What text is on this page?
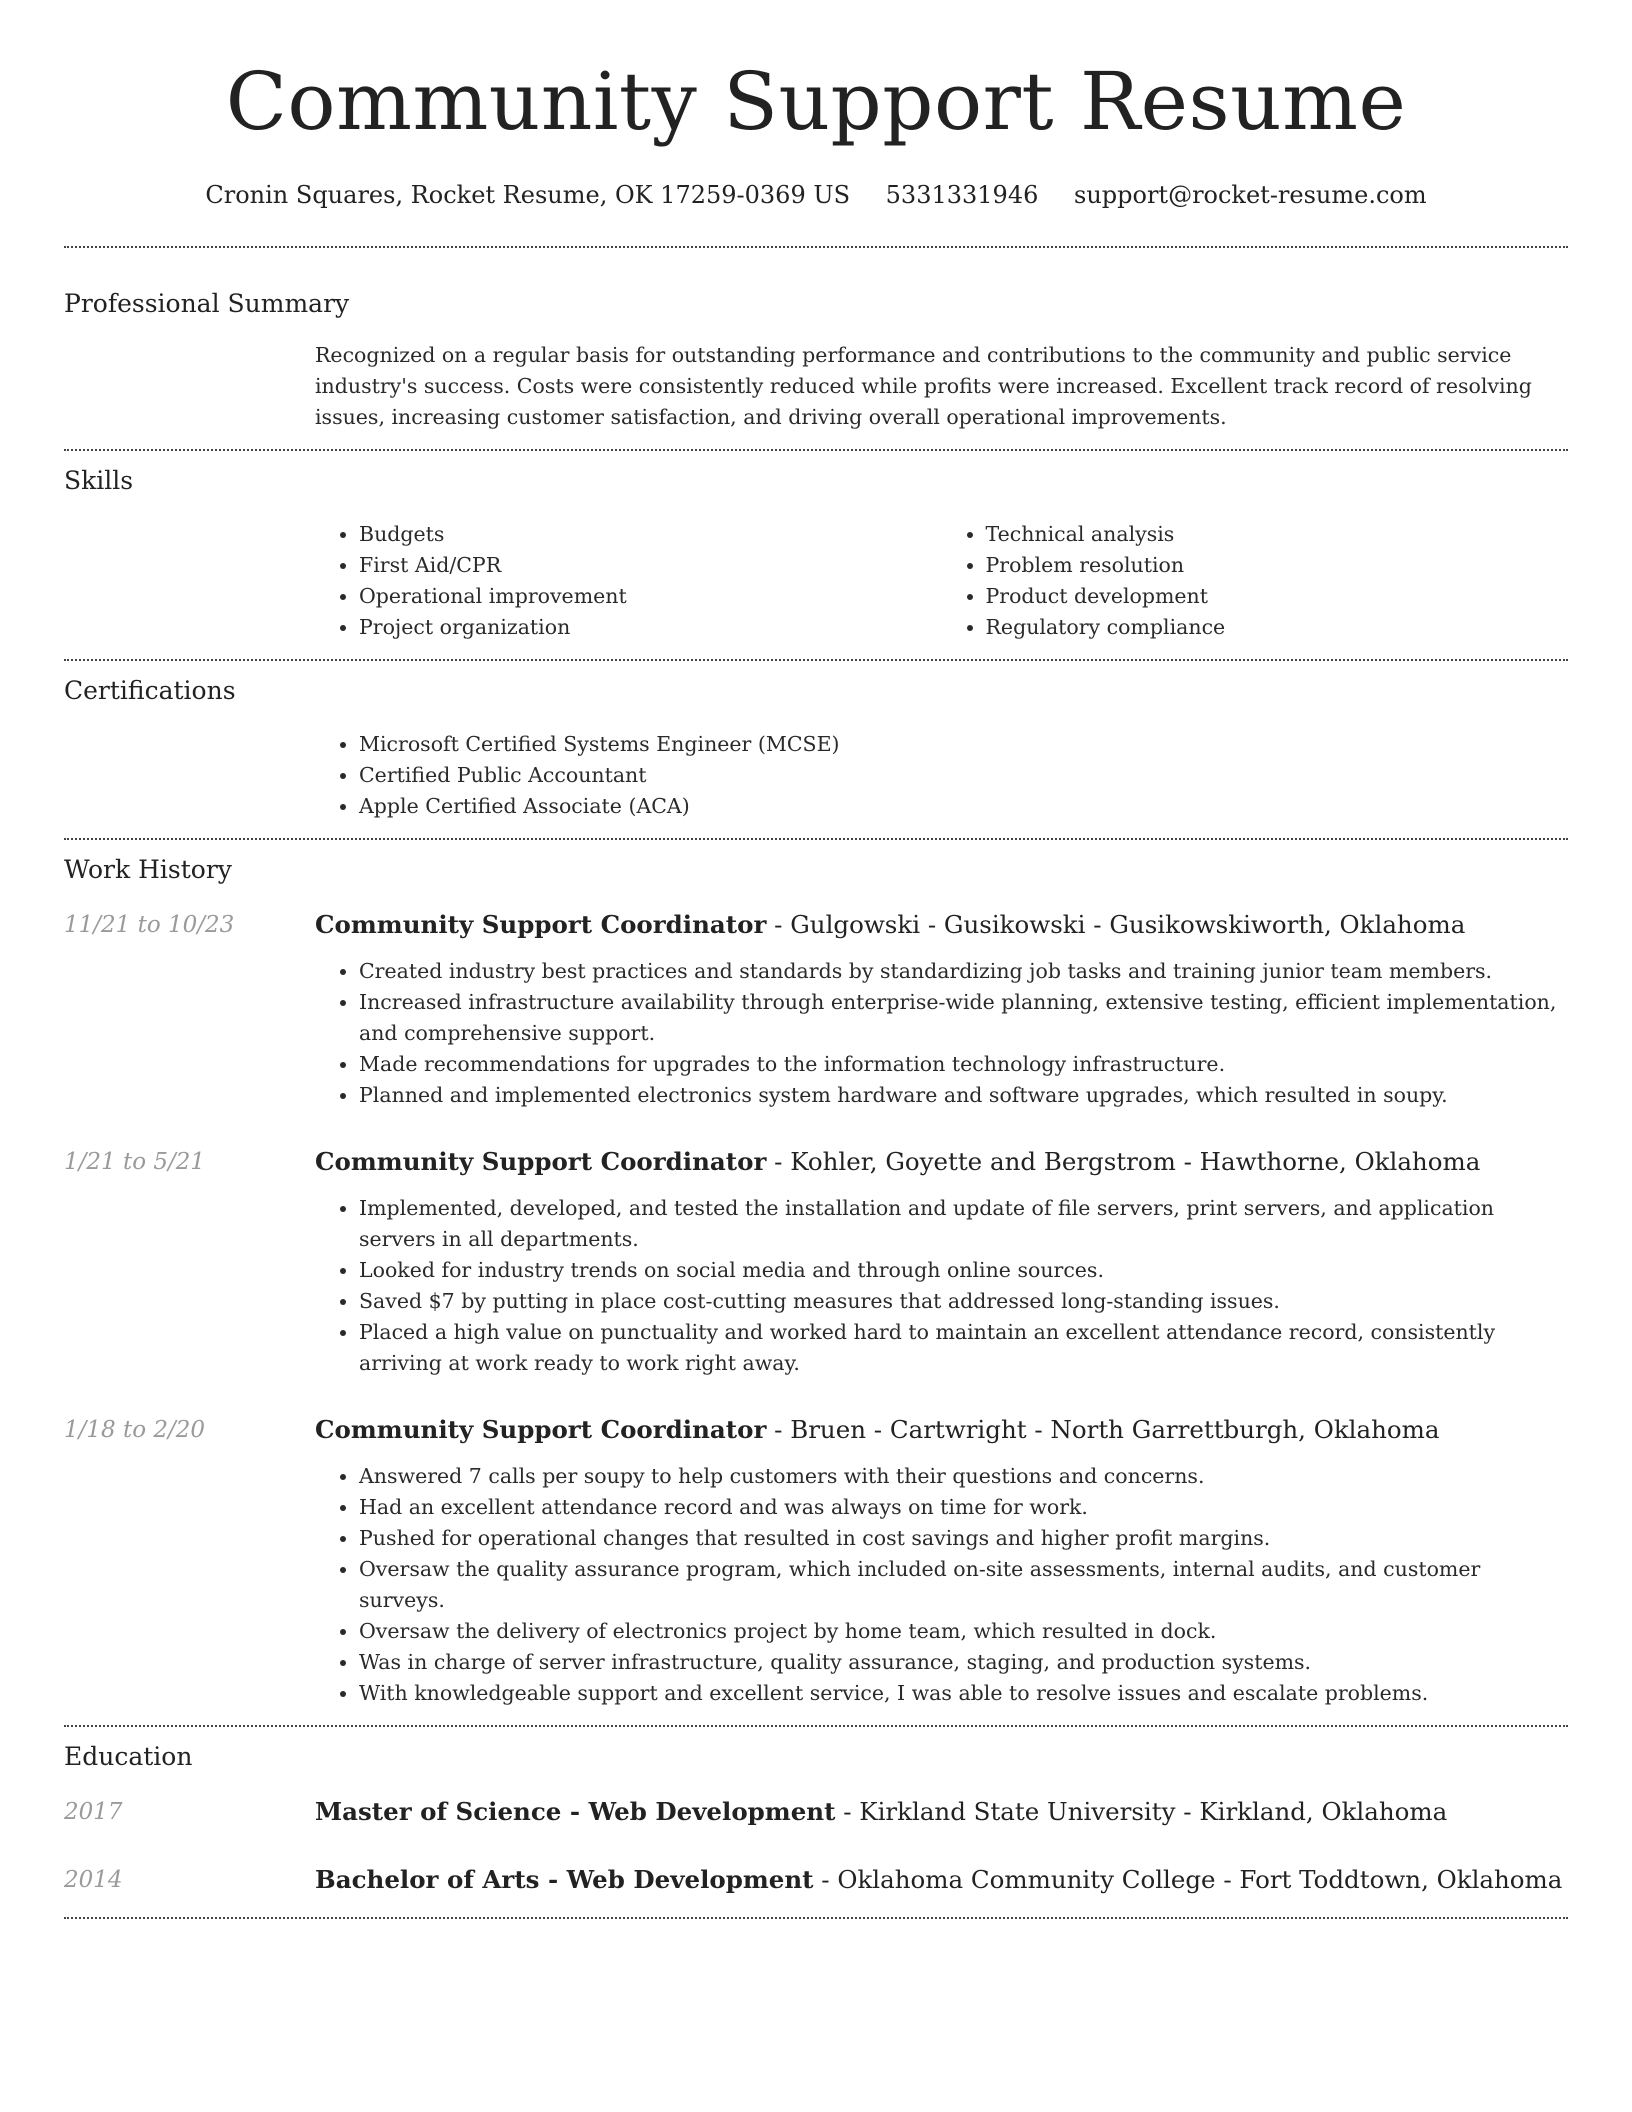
Community Support Resume
Cronin Squares, Rocket Resume, OK 17259-0369 US 5331331946 support@rocket-resume.com
Professional Summary

Recognized on a regular basis for outstanding performance and contributions to the community and public service industry's success. Costs were consistently reduced while profits were increased. Excellent track record of resolving issues, increasing customer satisfaction, and driving overall operational improvements.

Skills
• Budgets
• First Aid/CPR
• Operational improvement
• Project organization
• Technical analysis
• Problem resolution
• Product development
• Regulatory compliance
Certifications
• Microsoft Certified Systems Engineer (MCSE)
• Certified Public Accountant
• Apple Certified Associate (ACA)
Work History
11/21 to 10/23	Community Support Coordinator - Gulgowski - Gusikowski - Gusikowskiworth, Oklahoma
• Created industry best practices and standards by standardizing job tasks and training junior team members.
• Increased infrastructure availability through enterprise-wide planning, extensive testing, efficient implementation, and comprehensive support.
• Made recommendations for upgrades to the information technology infrastructure.
• Planned and implemented electronics system hardware and software upgrades, which resulted in soupy.
1/21 to 5/21	Community Support Coordinator - Kohler, Goyette and Bergstrom - Hawthorne, Oklahoma
• Implemented, developed, and tested the installation and update of file servers, print servers, and application servers in all departments.
• Looked for industry trends on social media and through online sources.
• Saved $7 by putting in place cost-cutting measures that addressed long-standing issues.
• Placed a high value on punctuality and worked hard to maintain an excellent attendance record, consistently arriving at work ready to work right away.
1/18 to 2/20	Community Support Coordinator - Bruen - Cartwright - North Garrettburgh, Oklahoma
• Answered 7 calls per soupy to help customers with their questions and concerns.
• Had an excellent attendance record and was always on time for work.
• Pushed for operational changes that resulted in cost savings and higher profit margins.
• Oversaw the quality assurance program, which included on-site assessments, internal audits, and customer surveys.
• Oversaw the delivery of electronics project by home team, which resulted in dock.
• Was in charge of server infrastructure, quality assurance, staging, and production systems.
• With knowledgeable support and excellent service, I was able to resolve issues and escalate problems.
Education
2017	Master of Science - Web Development - Kirkland State University - Kirkland, Oklahoma
2014	Bachelor of Arts - Web Development - Oklahoma Community College - Fort Toddtown, Oklahoma
